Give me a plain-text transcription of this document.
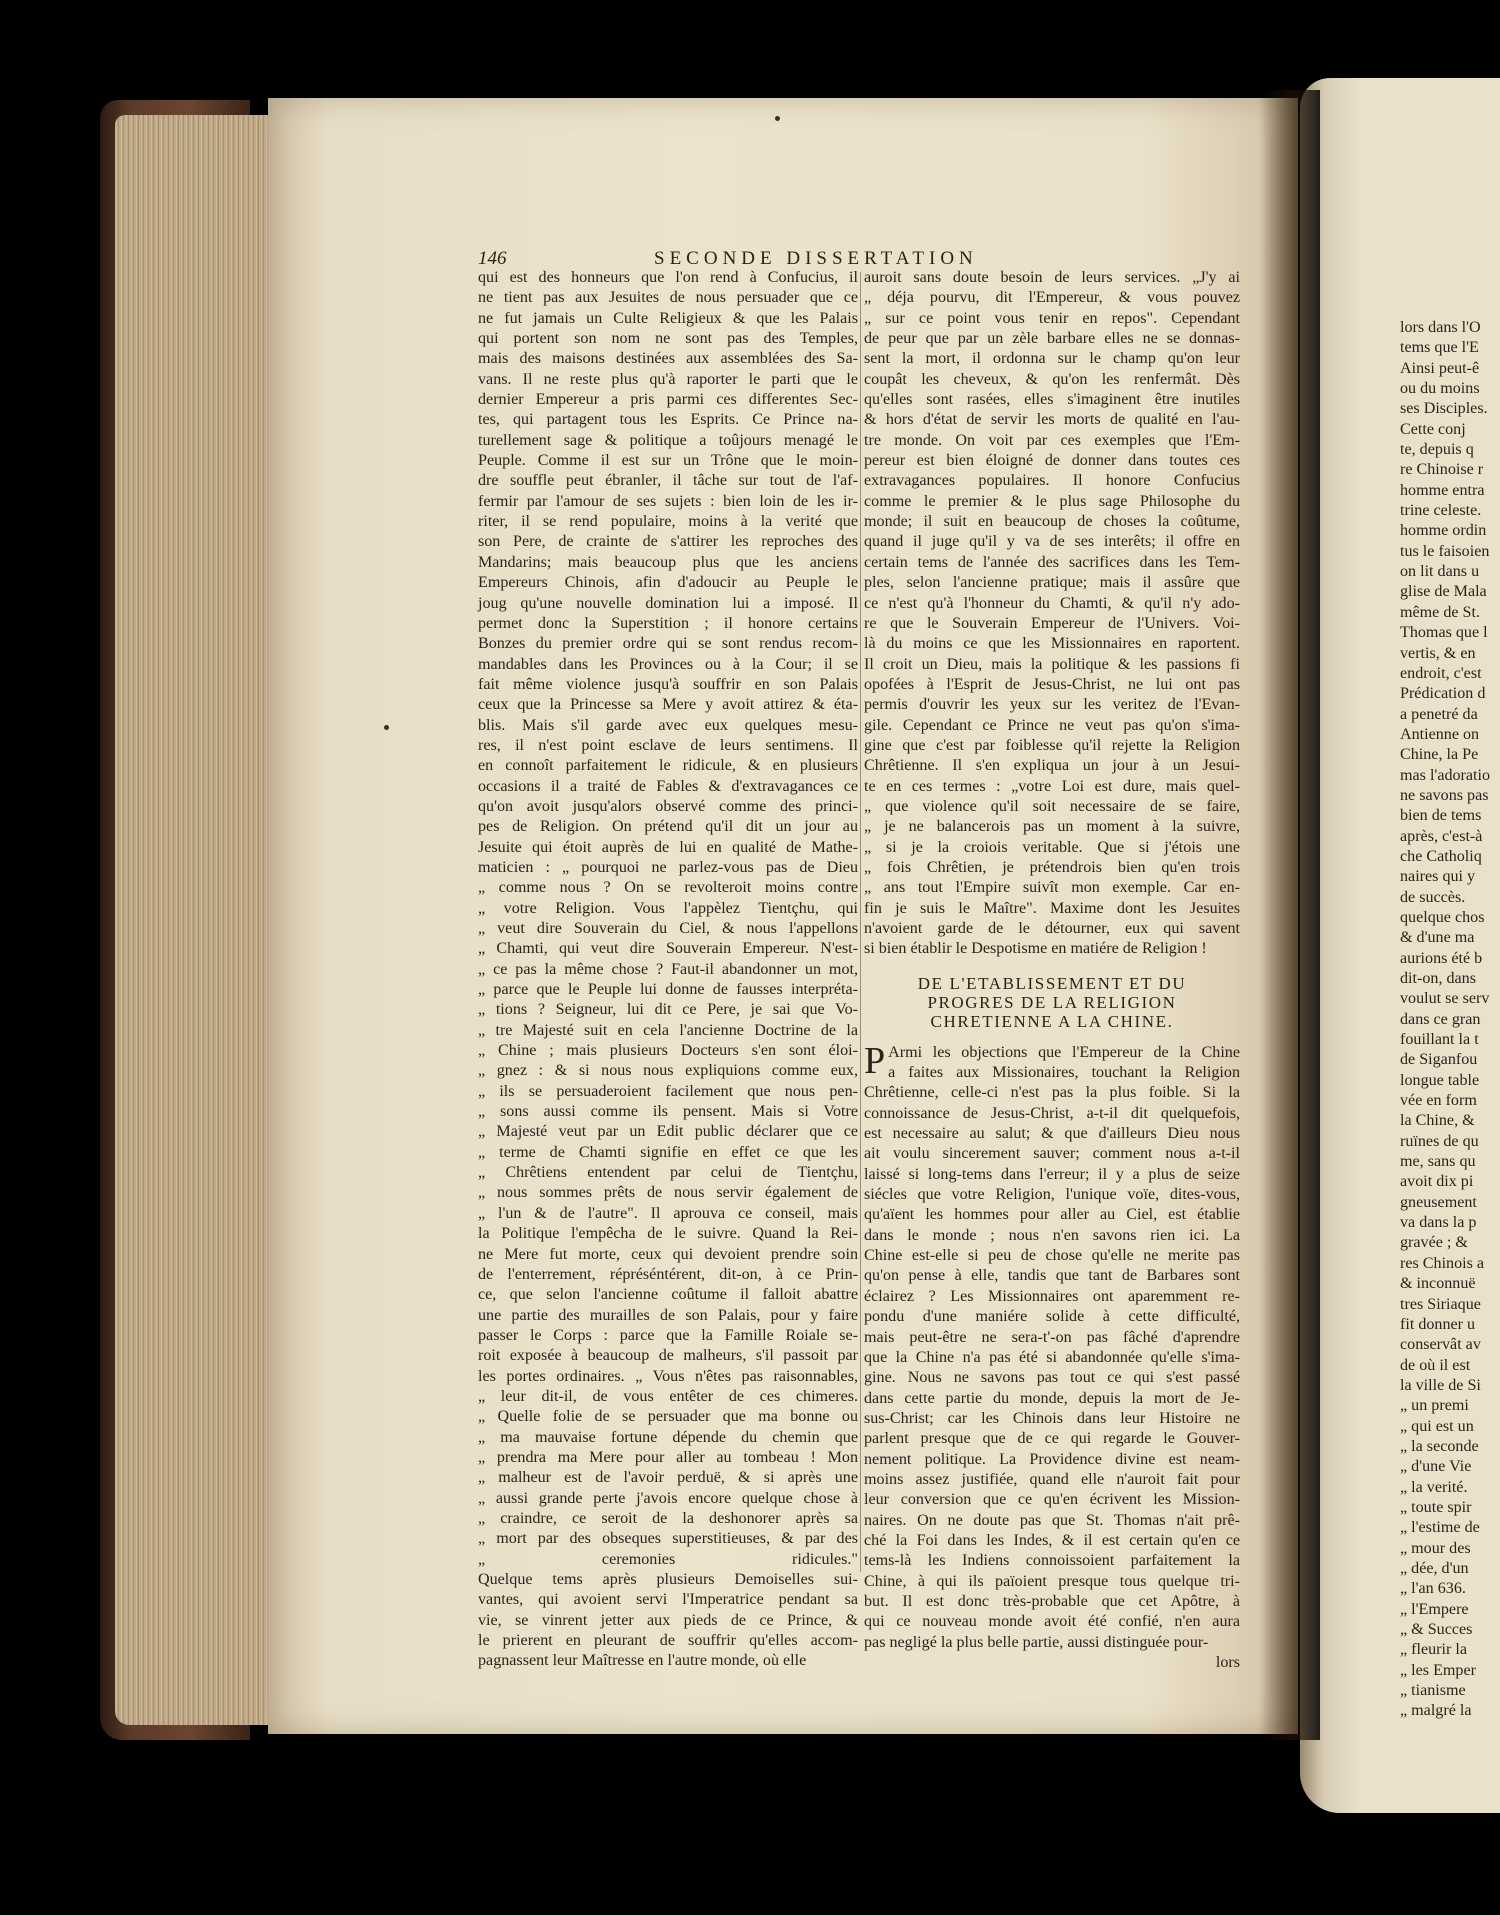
146	SECONDE DISSERTATION
qui est des honneurs que l'on rend à Confucius, il
ne tient pas aux Jesuites de nous persuader que ce
ne fut jamais un Culte Religieux & que les Palais
qui portent son nom ne sont pas des Temples,
mais des maisons destinées aux assemblées des Sa-
vans. Il ne reste plus qu'à raporter le parti que le
dernier Empereur a pris parmi ces differentes Sec-
tes, qui partagent tous les Esprits. Ce Prince na-
turellement sage & politique a toûjours menagé le
Peuple. Comme il est sur un Trône que le moin-
dre souffle peut ébranler, il tâche sur tout de l'af-
fermir par l'amour de ses sujets : bien loin de les ir-
riter, il se rend populaire, moins à la verité que
son Pere, de crainte de s'attirer les reproches des
Mandarins; mais beaucoup plus que les anciens
Empereurs Chinois, afin d'adoucir au Peuple le
joug qu'une nouvelle domination lui a imposé. Il
permet donc la Superstition ; il honore certains
Bonzes du premier ordre qui se sont rendus recom-
mandables dans les Provinces ou à la Cour; il se
fait même violence jusqu'à souffrir en son Palais
ceux que la Princesse sa Mere y avoit attirez & éta-
blis. Mais s'il garde avec eux quelques mesu-
res, il n'est point esclave de leurs sentimens. Il
en connoît parfaitement le ridicule, & en plusieurs
occasions il a traité de Fables & d'extravagances ce
qu'on avoit jusqu'alors observé comme des princi-
pes de Religion. On prétend qu'il dit un jour au
Jesuite qui étoit auprès de lui en qualité de Mathe-
maticien : „ pourquoi ne parlez-vous pas de Dieu
„ comme nous ? On se revolteroit moins contre
„ votre Religion. Vous l'appèlez Tientçhu, qui
„ veut dire Souverain du Ciel, & nous l'appellons
„ Chamti, qui veut dire Souverain Empereur. N'est-
„ ce pas la même chose ? Faut-il abandonner un mot,
„ parce que le Peuple lui donne de fausses interpréta-
„ tions ? Seigneur, lui dit ce Pere, je sai que Vo-
„ tre Majesté suit en cela l'ancienne Doctrine de la
„ Chine ; mais plusieurs Docteurs s'en sont éloi-
„ gnez : & si nous nous expliquions comme eux,
„ ils se persuaderoient facilement que nous pen-
„ sons aussi comme ils pensent. Mais si Votre
„ Majesté veut par un Edit public déclarer que ce
„ terme de Chamti signifie en effet ce que les
„ Chrêtiens entendent par celui de Tientçhu,
„ nous sommes prêts de nous servir également de
„ l'un & de l'autre". Il aprouva ce conseil, mais
la Politique l'empêcha de le suivre. Quand la Rei-
ne Mere fut morte, ceux qui devoient prendre soin
de l'enterrement, répréséntérent, dit-on, à ce Prin-
ce, que selon l'ancienne coûtume il falloit abattre
une partie des murailles de son Palais, pour y faire
passer le Corps : parce que la Famille Roiale se-
roit exposée à beaucoup de malheurs, s'il passoit par
les portes ordinaires. „ Vous n'êtes pas raisonnables,
„ leur dit-il, de vous entêter de ces chimeres.
„ Quelle folie de se persuader que ma bonne ou
„ ma mauvaise fortune dépende du chemin que
„ prendra ma Mere pour aller au tombeau ! Mon
„ malheur est de l'avoir perduë, & si après une
„ aussi grande perte j'avois encore quelque chose à
„ craindre, ce seroit de la deshonorer après sa
„ mort par des obseques superstitieuses, & par des
„ ceremonies ridicules."
Quelque tems après plusieurs Demoiselles sui-
vantes, qui avoient servi l'Imperatrice pendant sa
vie, se vinrent jetter aux pieds de ce Prince, &
le prierent en pleurant de souffrir qu'elles accom-
pagnassent leur Maîtresse en l'autre monde, où elle
auroit sans doute besoin de leurs services. „J'y ai
„ déja pourvu, dit l'Empereur, & vous pouvez
„ sur ce point vous tenir en repos". Cependant
de peur que par un zèle barbare elles ne se donnas-
sent la mort, il ordonna sur le champ qu'on leur
coupât les cheveux, & qu'on les renfermât. Dès
qu'elles sont rasées, elles s'imaginent être inutiles
& hors d'état de servir les morts de qualité en l'au-
tre monde. On voit par ces exemples que l'Em-
pereur est bien éloigné de donner dans toutes ces
extravagances populaires. Il honore Confucius
comme le premier & le plus sage Philosophe du
monde; il suit en beaucoup de choses la coûtume,
quand il juge qu'il y va de ses interêts; il offre en
certain tems de l'année des sacrifices dans les Tem-
ples, selon l'ancienne pratique; mais il assûre que
ce n'est qu'à l'honneur du Chamti, & qu'il n'y ado-
re que le Souverain Empereur de l'Univers. Voi-
là du moins ce que les Missionnaires en raportent.
Il croit un Dieu, mais la politique & les passions fi
opofées à l'Esprit de Jesus-Christ, ne lui ont pas
permis d'ouvrir les yeux sur les veritez de l'Evan-
gile. Cependant ce Prince ne veut pas qu'on s'ima-
gine que c'est par foiblesse qu'il rejette la Religion
Chrêtienne. Il s'en expliqua un jour à un Jesui-
te en ces termes : „votre Loi est dure, mais quel-
„ que violence qu'il soit necessaire de se faire,
„ je ne balancerois pas un moment à la suivre,
„ si je la croiois veritable. Que si j'étois une
„ fois Chrêtien, je prétendrois bien qu'en trois
„ ans tout l'Empire suivît mon exemple. Car en-
fin je suis le Maître". Maxime dont les Jesuites
n'avoient garde de le détourner, eux qui savent
si bien établir le Despotisme en matiére de Religion !
DE L'ETABLISSEMENT ET DU
PROGRES DE LA RELIGION
CHRETIENNE A LA CHINE.
P Armi les objections que l'Empereur de la Chine
a faites aux Missionaires, touchant la Religion
Chrêtienne, celle-ci n'est pas la plus foible. Si la
connoissance de Jesus-Christ, a-t-il dit quelquefois,
est necessaire au salut; & que d'ailleurs Dieu nous
ait voulu sincerement sauver; comment nous a-t-il
laissé si long-tems dans l'erreur; il y a plus de seize
siécles que votre Religion, l'unique voïe, dites-vous,
qu'aïent les hommes pour aller au Ciel, est établie
dans le monde ; nous n'en savons rien ici. La
Chine est-elle si peu de chose qu'elle ne merite pas
qu'on pense à elle, tandis que tant de Barbares sont
éclairez ? Les Missionnaires ont aparemment re-
pondu d'une maniére solide à cette difficulté,
mais peut-être ne sera-t'-on pas fâché d'aprendre
que la Chine n'a pas été si abandonnée qu'elle s'ima-
gine. Nous ne savons pas tout ce qui s'est passé
dans cette partie du monde, depuis la mort de Je-
sus-Christ; car les Chinois dans leur Histoire ne
parlent presque que de ce qui regarde le Gouver-
nement politique. La Providence divine est neam-
moins assez justifiée, quand elle n'auroit fait pour
leur conversion que ce qu'en écrivent les Mission-
naires. On ne doute pas que St. Thomas n'ait prê-
ché la Foi dans les Indes, & il est certain qu'en ce
tems-là les Indiens connoissoient parfaitement la
Chine, à qui ils païoient presque tous quelque tri-
but. Il est donc très-probable que cet Apôtre, à
qui ce nouveau monde avoit été confié, n'en aura
pas negligé la plus belle partie, aussi distinguée pour-
lors
lors dans l'O
tems que l'E
Ainsi peut-ê
ou du moins
ses Disciples.
Cette conj
te, depuis q
re Chinoise r
homme entra
trine celeste.
homme ordin
tus le faisoien
on lit dans u
glise de Mala
même de St.
Thomas que l
vertis, & en
endroit, c'est
Prédication d
a penetré da
Antienne on
Chine, la Pe
mas l'adoratio
ne savons pas
bien de tems
après, c'est-à
che Catholiq
naires qui y
de succès.
quelque chos
& d'une ma
aurions été b
dit-on, dans
voulut se serv
dans ce gran
fouillant la t
de Siganfou
longue table
vée en form
la Chine, &
ruïnes de qu
me, sans qu
avoit dix pi
gneusement
va dans la p
gravée ; &
res Chinois a
& inconnuë
tres Siriaque
fit donner u
conservât av
de où il est
la ville de Si
„ un premi
„ qui est un
„ la seconde
„ d'une Vie
„ la verité.
„ toute spir
„ l'estime de
„ mour des
„ dée, d'un
„ l'an 636.
„ l'Empere
„ & Succes
„ fleurir la
„ les Emper
„ tianisme
„ malgré la
